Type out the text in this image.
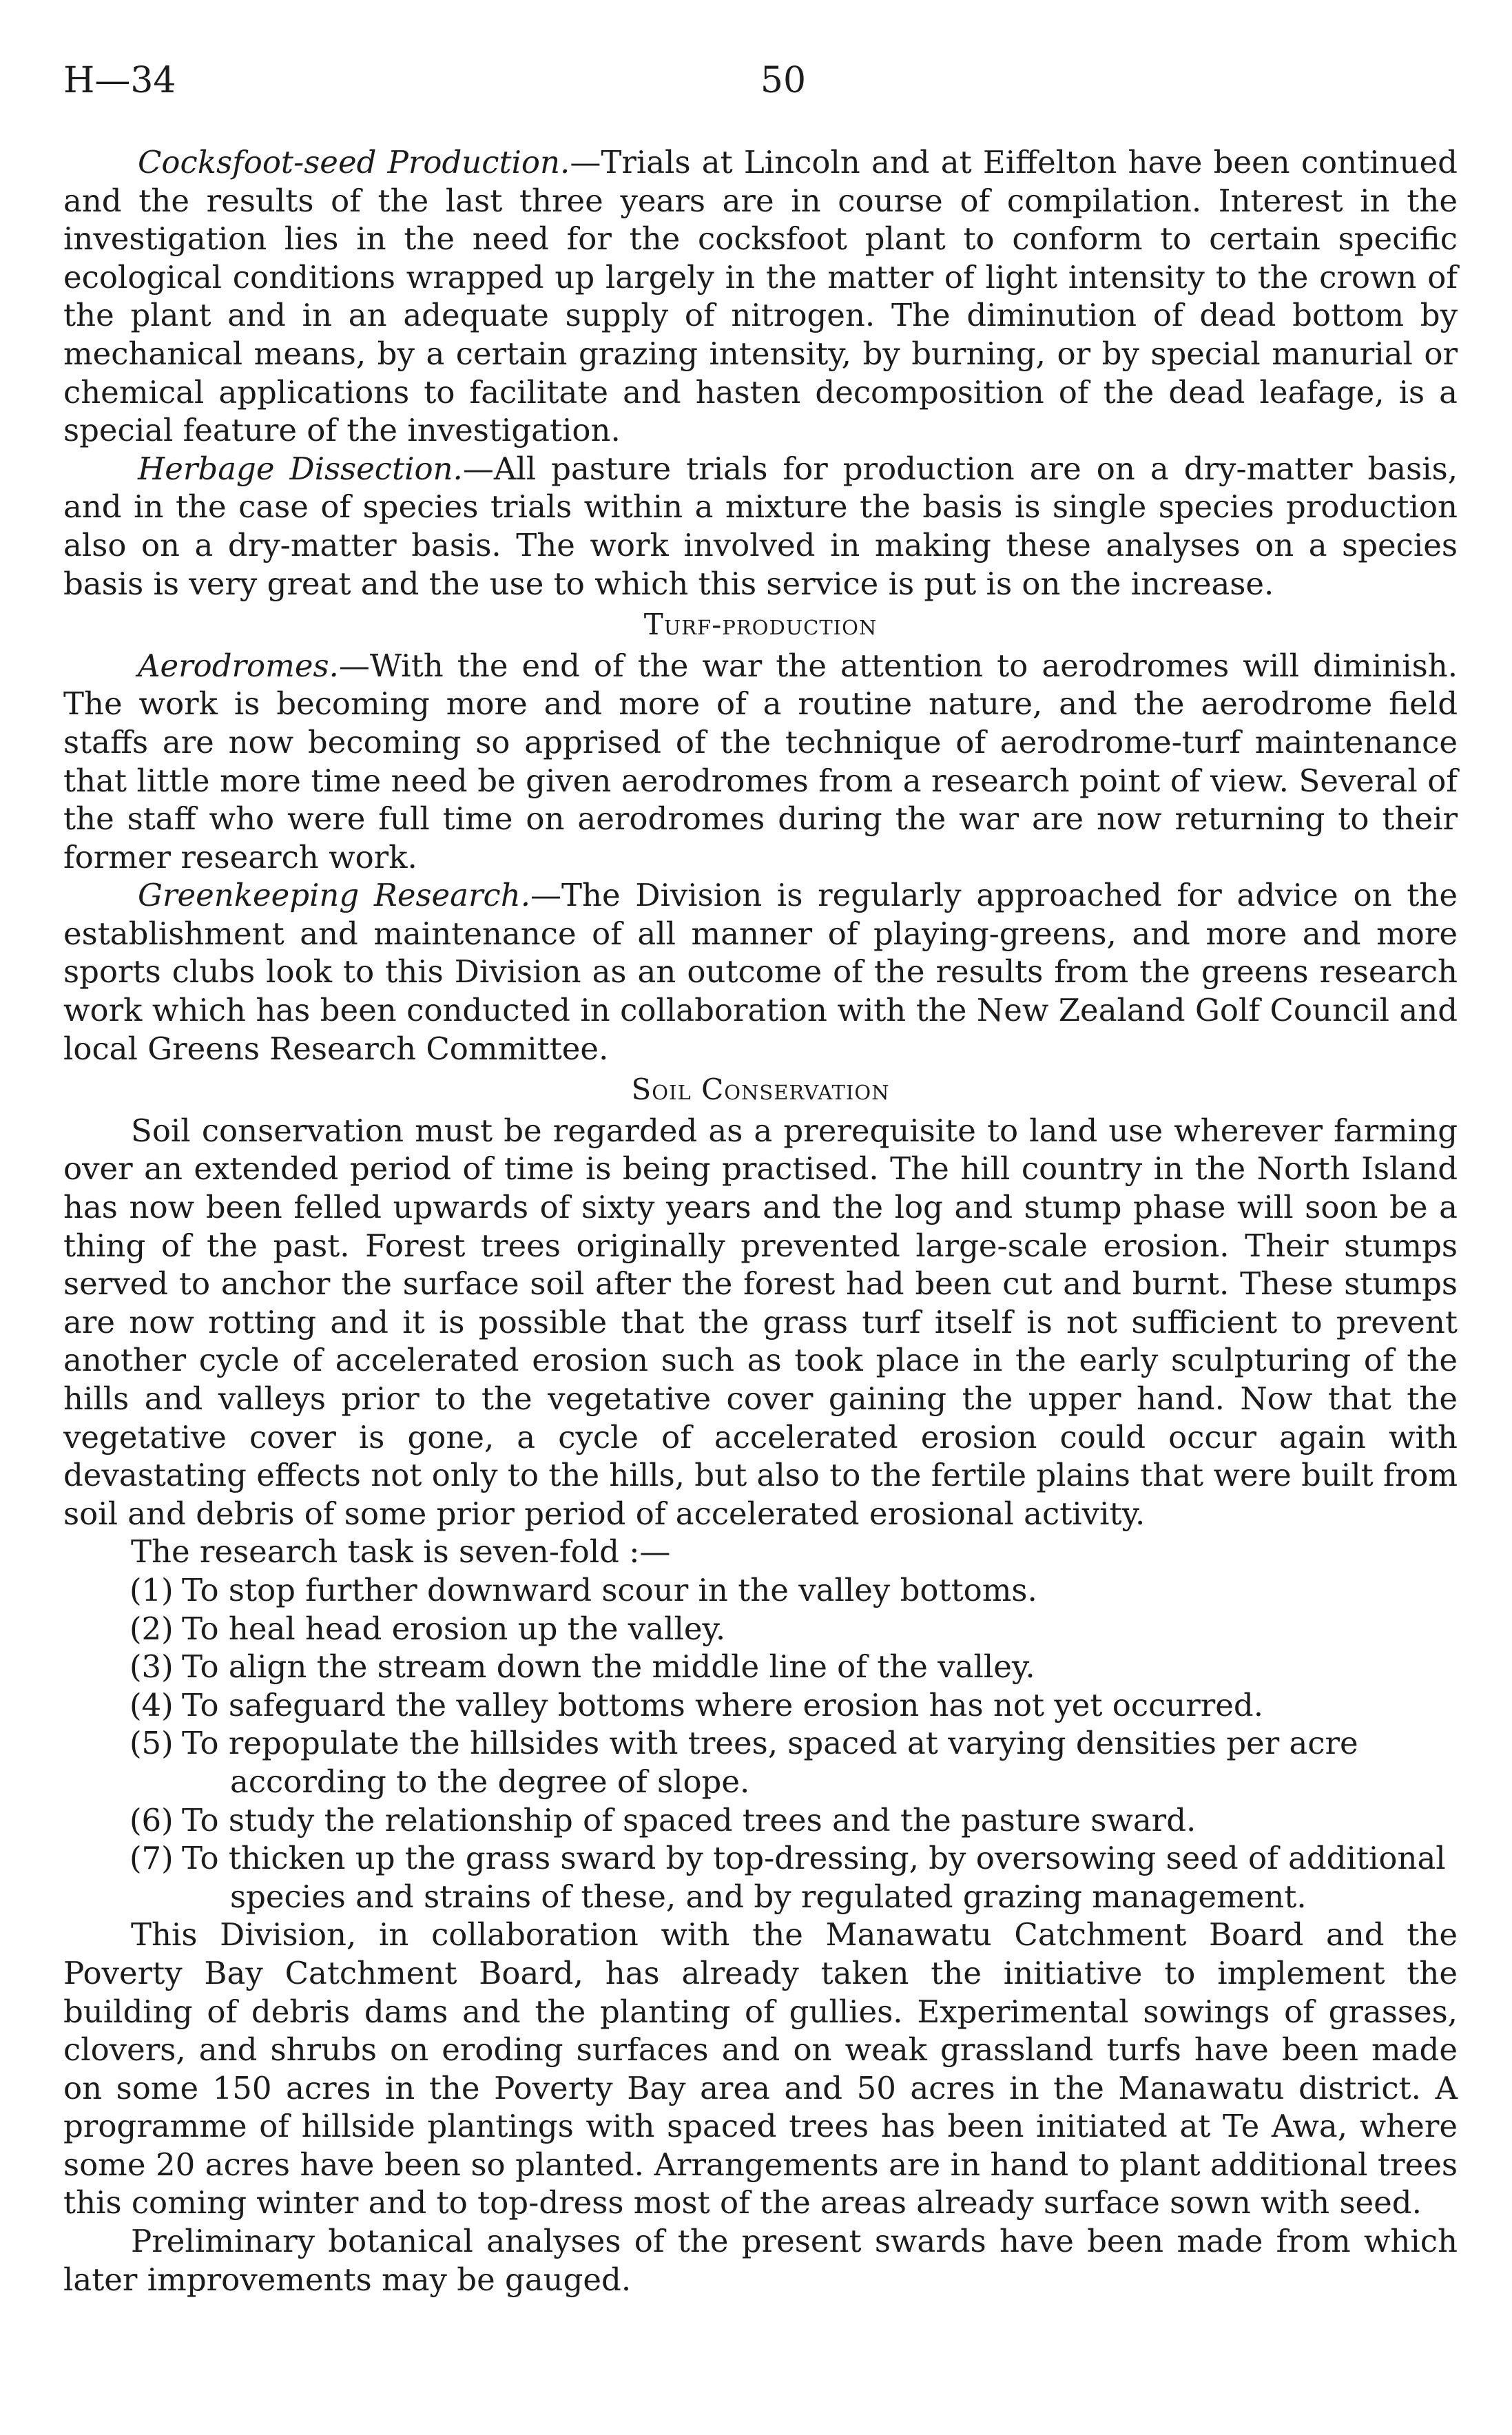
H—34	50

Cocksfoot-seed Production.—Trials at Lincoln and at Eiffelton have been continued and the results of the last three years are in course of compilation. Interest in the investigation lies in the need for the cocksfoot plant to conform to certain specific ecological conditions wrapped up largely in the matter of light intensity to the crown of the plant and in an adequate supply of nitrogen. The diminution of dead bottom by mechanical means, by a certain grazing intensity, by burning, or by special manurial or chemical applications to facilitate and hasten decomposition of the dead leafage, is a special feature of the investigation.

Herbage Dissection.—All pasture trials for production are on a dry-matter basis, and in the case of species trials within a mixture the basis is single species production also on a dry-matter basis. The work involved in making these analyses on a species basis is very great and the use to which this service is put is on the increase.

Turf-production

Aerodromes.—With the end of the war the attention to aerodromes will diminish. The work is becoming more and more of a routine nature, and the aerodrome field staffs are now becoming so apprised of the technique of aerodrome-turf maintenance that little more time need be given aerodromes from a research point of view. Several of the staff who were full time on aerodromes during the war are now returning to their former research work.

Greenkeeping Research.—The Division is regularly approached for advice on the establishment and maintenance of all manner of playing-greens, and more and more sports clubs look to this Division as an outcome of the results from the greens research work which has been conducted in collaboration with the New Zealand Golf Council and local Greens Research Committee.

Soil Conservation

Soil conservation must be regarded as a prerequisite to land use wherever farming over an extended period of time is being practised. The hill country in the North Island has now been felled upwards of sixty years and the log and stump phase will soon be a thing of the past. Forest trees originally prevented large-scale erosion. Their stumps served to anchor the surface soil after the forest had been cut and burnt. These stumps are now rotting and it is possible that the grass turf itself is not sufficient to prevent another cycle of accelerated erosion such as took place in the early sculpturing of the hills and valleys prior to the vegetative cover gaining the upper hand. Now that the vegetative cover is gone, a cycle of accelerated erosion could occur again with devastating effects not only to the hills, but also to the fertile plains that were built from soil and debris of some prior period of accelerated erosional activity.

The research task is seven-fold :—

(1) To stop further downward scour in the valley bottoms.
(2) To heal head erosion up the valley.
(3) To align the stream down the middle line of the valley.
(4) To safeguard the valley bottoms where erosion has not yet occurred.
(5) To repopulate the hillsides with trees, spaced at varying densities per acre
according to the degree of slope.
(6) To study the relationship of spaced trees and the pasture sward.
(7) To thicken up the grass sward by top-dressing, by oversowing seed of additional
species and strains of these, and by regulated grazing management.

This Division, in collaboration with the Manawatu Catchment Board and the Poverty Bay Catchment Board, has already taken the initiative to implement the building of debris dams and the planting of gullies. Experimental sowings of grasses, clovers, and shrubs on eroding surfaces and on weak grassland turfs have been made on some 150 acres in the Poverty Bay area and 50 acres in the Manawatu district. A programme of hillside plantings with spaced trees has been initiated at Te Awa, where some 20 acres have been so planted. Arrangements are in hand to plant additional trees this coming winter and to top-dress most of the areas already surface sown with seed.

Preliminary botanical analyses of the present swards have been made from which later improvements may be gauged.
